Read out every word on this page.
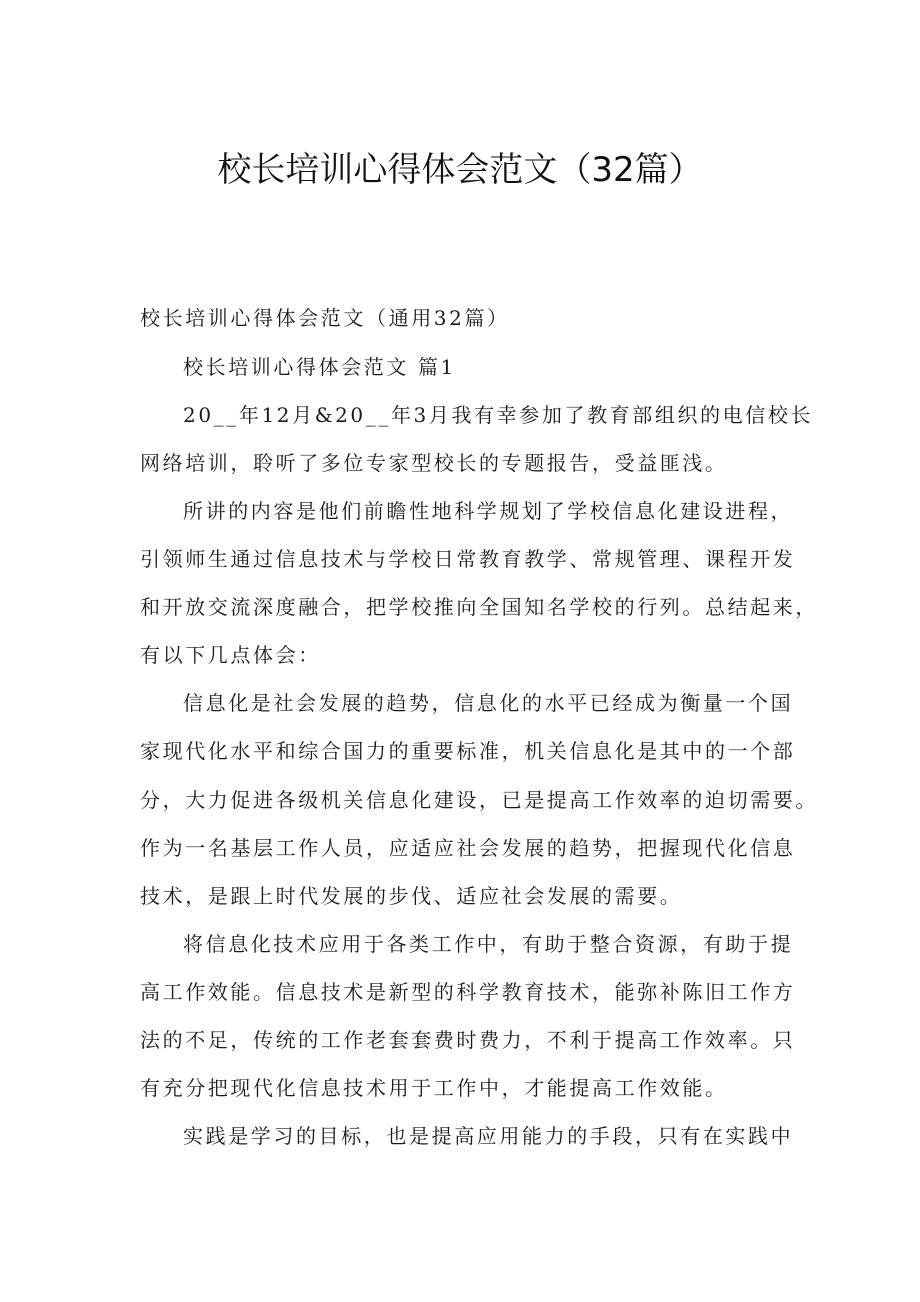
校长培训心得体会范文（32篇）
校长培训心得体会范文（通用32篇）
校长培训心得体会范文 篇1
20__年12月&20__年3月我有幸参加了教育部组织的电信校长
网络培训，聆听了多位专家型校长的专题报告，受益匪浅。
所讲的内容是他们前瞻性地科学规划了学校信息化建设进程，
引领师生通过信息技术与学校日常教育教学、常规管理、课程开发
和开放交流深度融合，把学校推向全国知名学校的行列。总结起来，
有以下几点体会：
信息化是社会发展的趋势，信息化的水平已经成为衡量一个国
家现代化水平和综合国力的重要标准，机关信息化是其中的一个部
分，大力促进各级机关信息化建设，已是提高工作效率的迫切需要。
作为一名基层工作人员，应适应社会发展的趋势，把握现代化信息
技术，是跟上时代发展的步伐、适应社会发展的需要。
将信息化技术应用于各类工作中，有助于整合资源，有助于提
高工作效能。信息技术是新型的科学教育技术，能弥补陈旧工作方
法的不足，传统的工作老套套费时费力，不利于提高工作效率。只
有充分把现代化信息技术用于工作中，才能提高工作效能。
实践是学习的目标，也是提高应用能力的手段，只有在实践中
